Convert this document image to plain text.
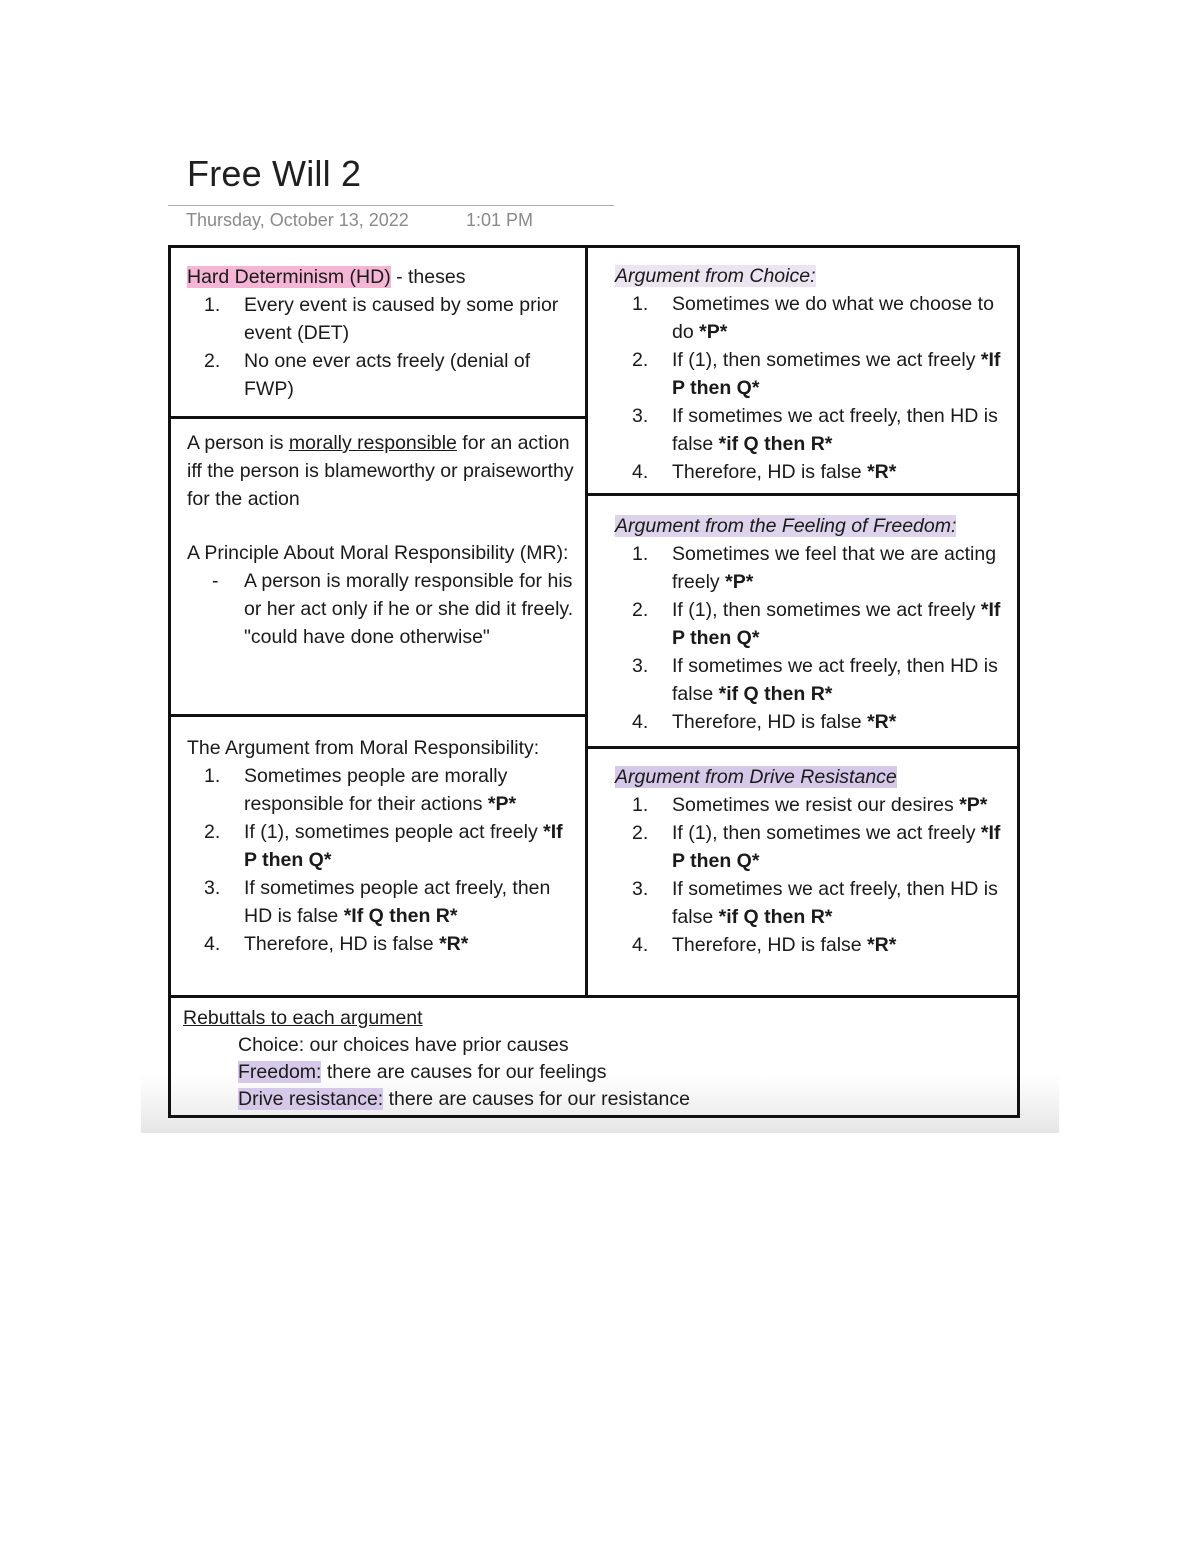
Free Will 2
Thursday, October 13, 2022	1:01 PM

Hard Determinism (HD) - theses

1. Every event is caused by some prior event (DET)
2. No one ever acts freely (denial of FWP)

A person is morally responsible for an action iff the person is blameworthy or praiseworthy for the action

A Principle About Moral Responsibility (MR):

- A person is morally responsible for his or her act only if he or she did it freely. "could have done otherwise"

The Argument from Moral Responsibility:

1. Sometimes people are morally responsible for their actions *P*
2. If (1), sometimes people act freely *If P then Q*
3. If sometimes people act freely, then HD is false *If Q then R*
4. Therefore, HD is false *R*

Argument from Choice:

1. Sometimes we do what we choose to do *P*
2. If (1), then sometimes we act freely *If P then Q*
3. If sometimes we act freely, then HD is false *if Q then R*
4. Therefore, HD is false *R*

Argument from the Feeling of Freedom:

1. Sometimes we feel that we are acting freely *P*
2. If (1), then sometimes we act freely *If P then Q*
3. If sometimes we act freely, then HD is false *if Q then R*
4. Therefore, HD is false *R*

Argument from Drive Resistance

1. Sometimes we resist our desires *P*
2. If (1), then sometimes we act freely *If P then Q*
3. If sometimes we act freely, then HD is false *if Q then R*
4. Therefore, HD is false *R*

Rebuttals to each argument

Choice: our choices have prior causes
Freedom: there are causes for our feelings
Drive resistance: there are causes for our resistance
